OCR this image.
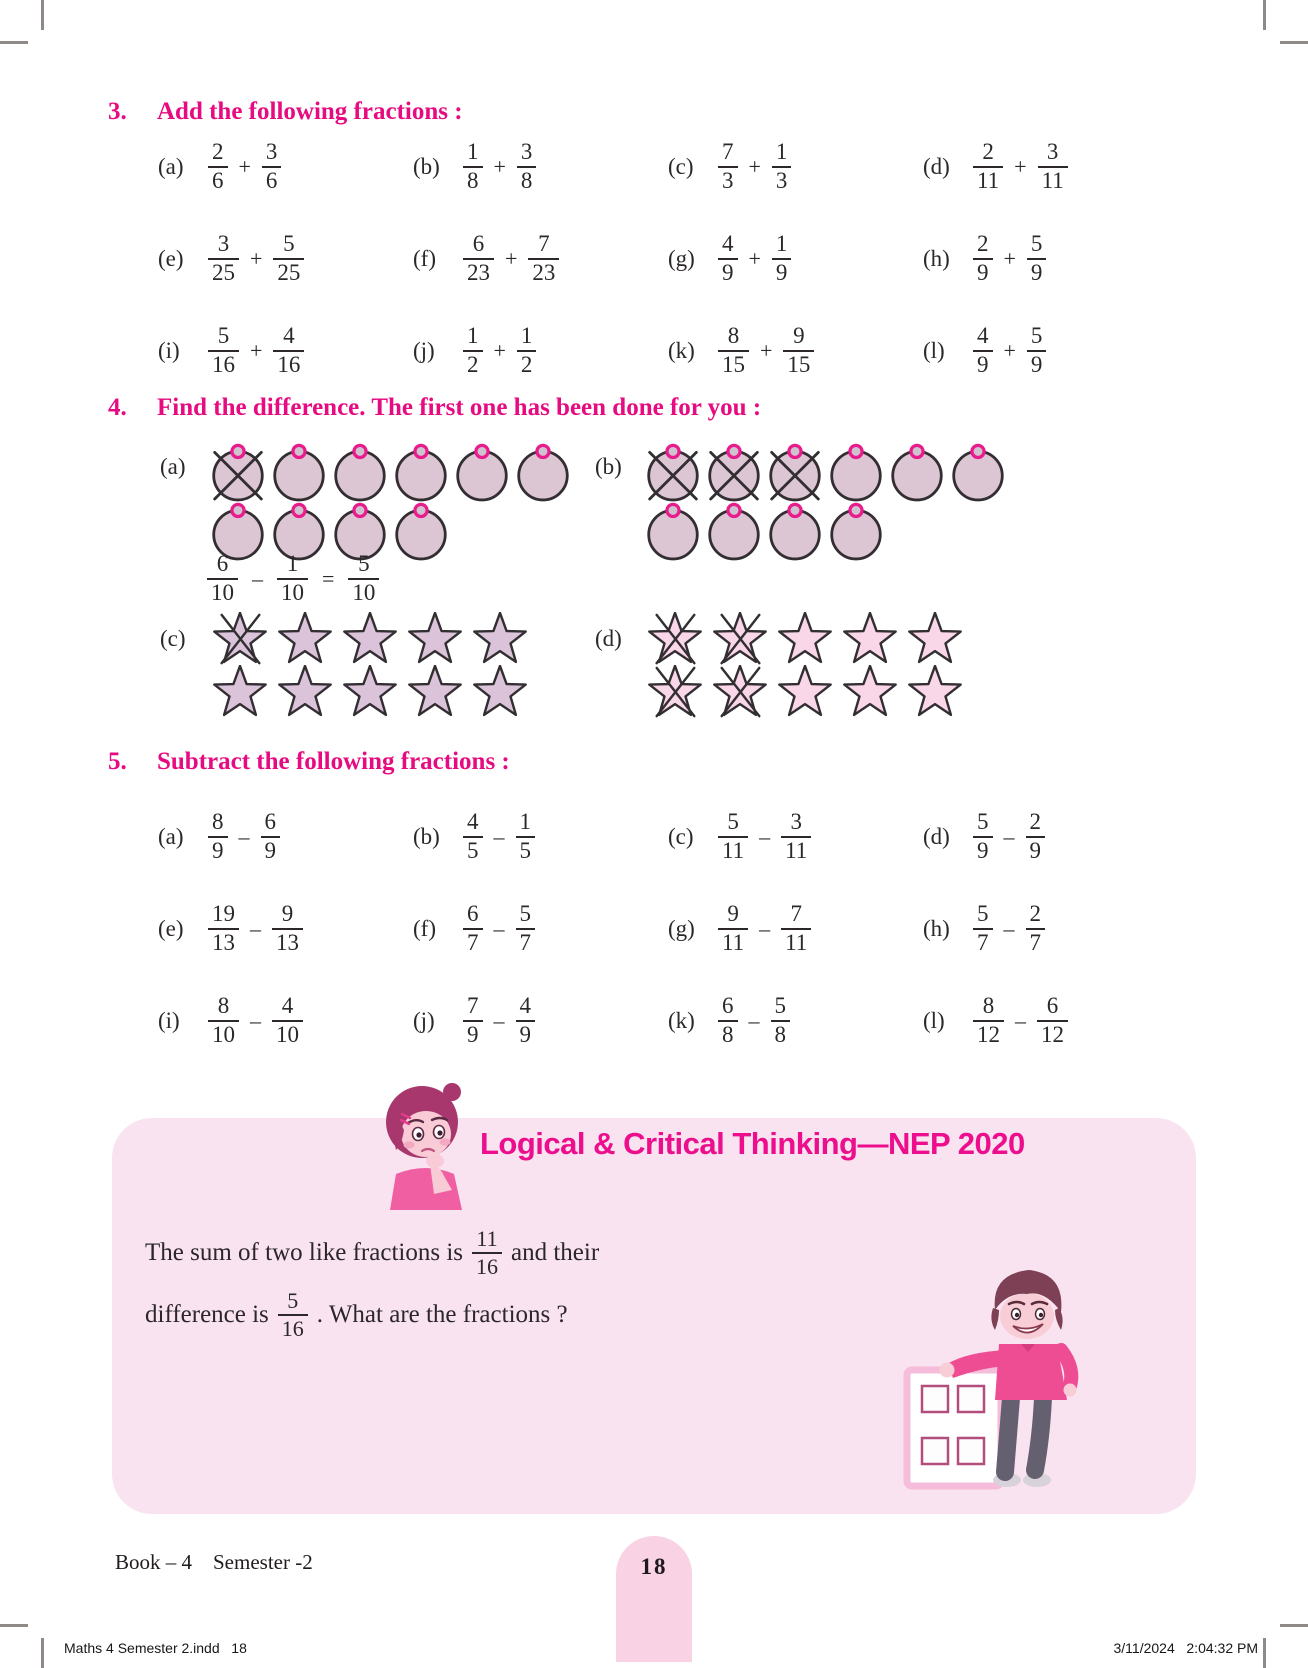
3.	Add the following fractions :
(a)	$\frac{2}{6} + \frac{3}{6}$	(b)	$\frac{1}{8} + \frac{3}{8}$	(c)	$\frac{7}{3} + \frac{1}{3}$	(d)	$\frac{2}{11} + \frac{3}{11}$
(e)	$\frac{3}{25} + \frac{5}{25}$	(f)	$\frac{6}{23} + \frac{7}{23}$	(g)	$\frac{4}{9} + \frac{1}{9}$	(h)	$\frac{2}{9} + \frac{5}{9}$
(i)	$\frac{5}{16} + \frac{4}{16}$	(j)	$\frac{1}{2} + \frac{1}{2}$	(k)	$\frac{8}{15} + \frac{9}{15}$	(l)	$\frac{4}{9} + \frac{5}{9}$
4.	Find the difference. The first one has been done for you :
(a)	(b)
$\frac{6}{10} - \frac{1}{10} = \frac{5}{10}$
(c)	(d)
5.	Subtract the following fractions :
(a)	$\frac{8}{9} - \frac{6}{9}$	(b)	$\frac{4}{5} - \frac{1}{5}$	(c)	$\frac{5}{11} - \frac{3}{11}$	(d)	$\frac{5}{9} - \frac{2}{9}$
(e)	$\frac{19}{13} - \frac{9}{13}$	(f)	$\frac{6}{7} - \frac{5}{7}$	(g)	$\frac{9}{11} - \frac{7}{11}$	(h)	$\frac{5}{7} - \frac{2}{7}$
(i)	$\frac{8}{10} - \frac{4}{10}$	(j)	$\frac{7}{9} - \frac{4}{9}$	(k)	$\frac{6}{8} - \frac{5}{8}$	(l)	$\frac{8}{12} - \frac{6}{12}$
Logical & Critical Thinking—NEP 2020
The sum of two like fractions is $\frac{11}{16}$ and their
difference is $\frac{5}{16}$ . What are the fractions ?
Book – 4    Semester -2	18
Maths 4 Semester 2.indd   18	3/11/2024   2:04:32 PM
